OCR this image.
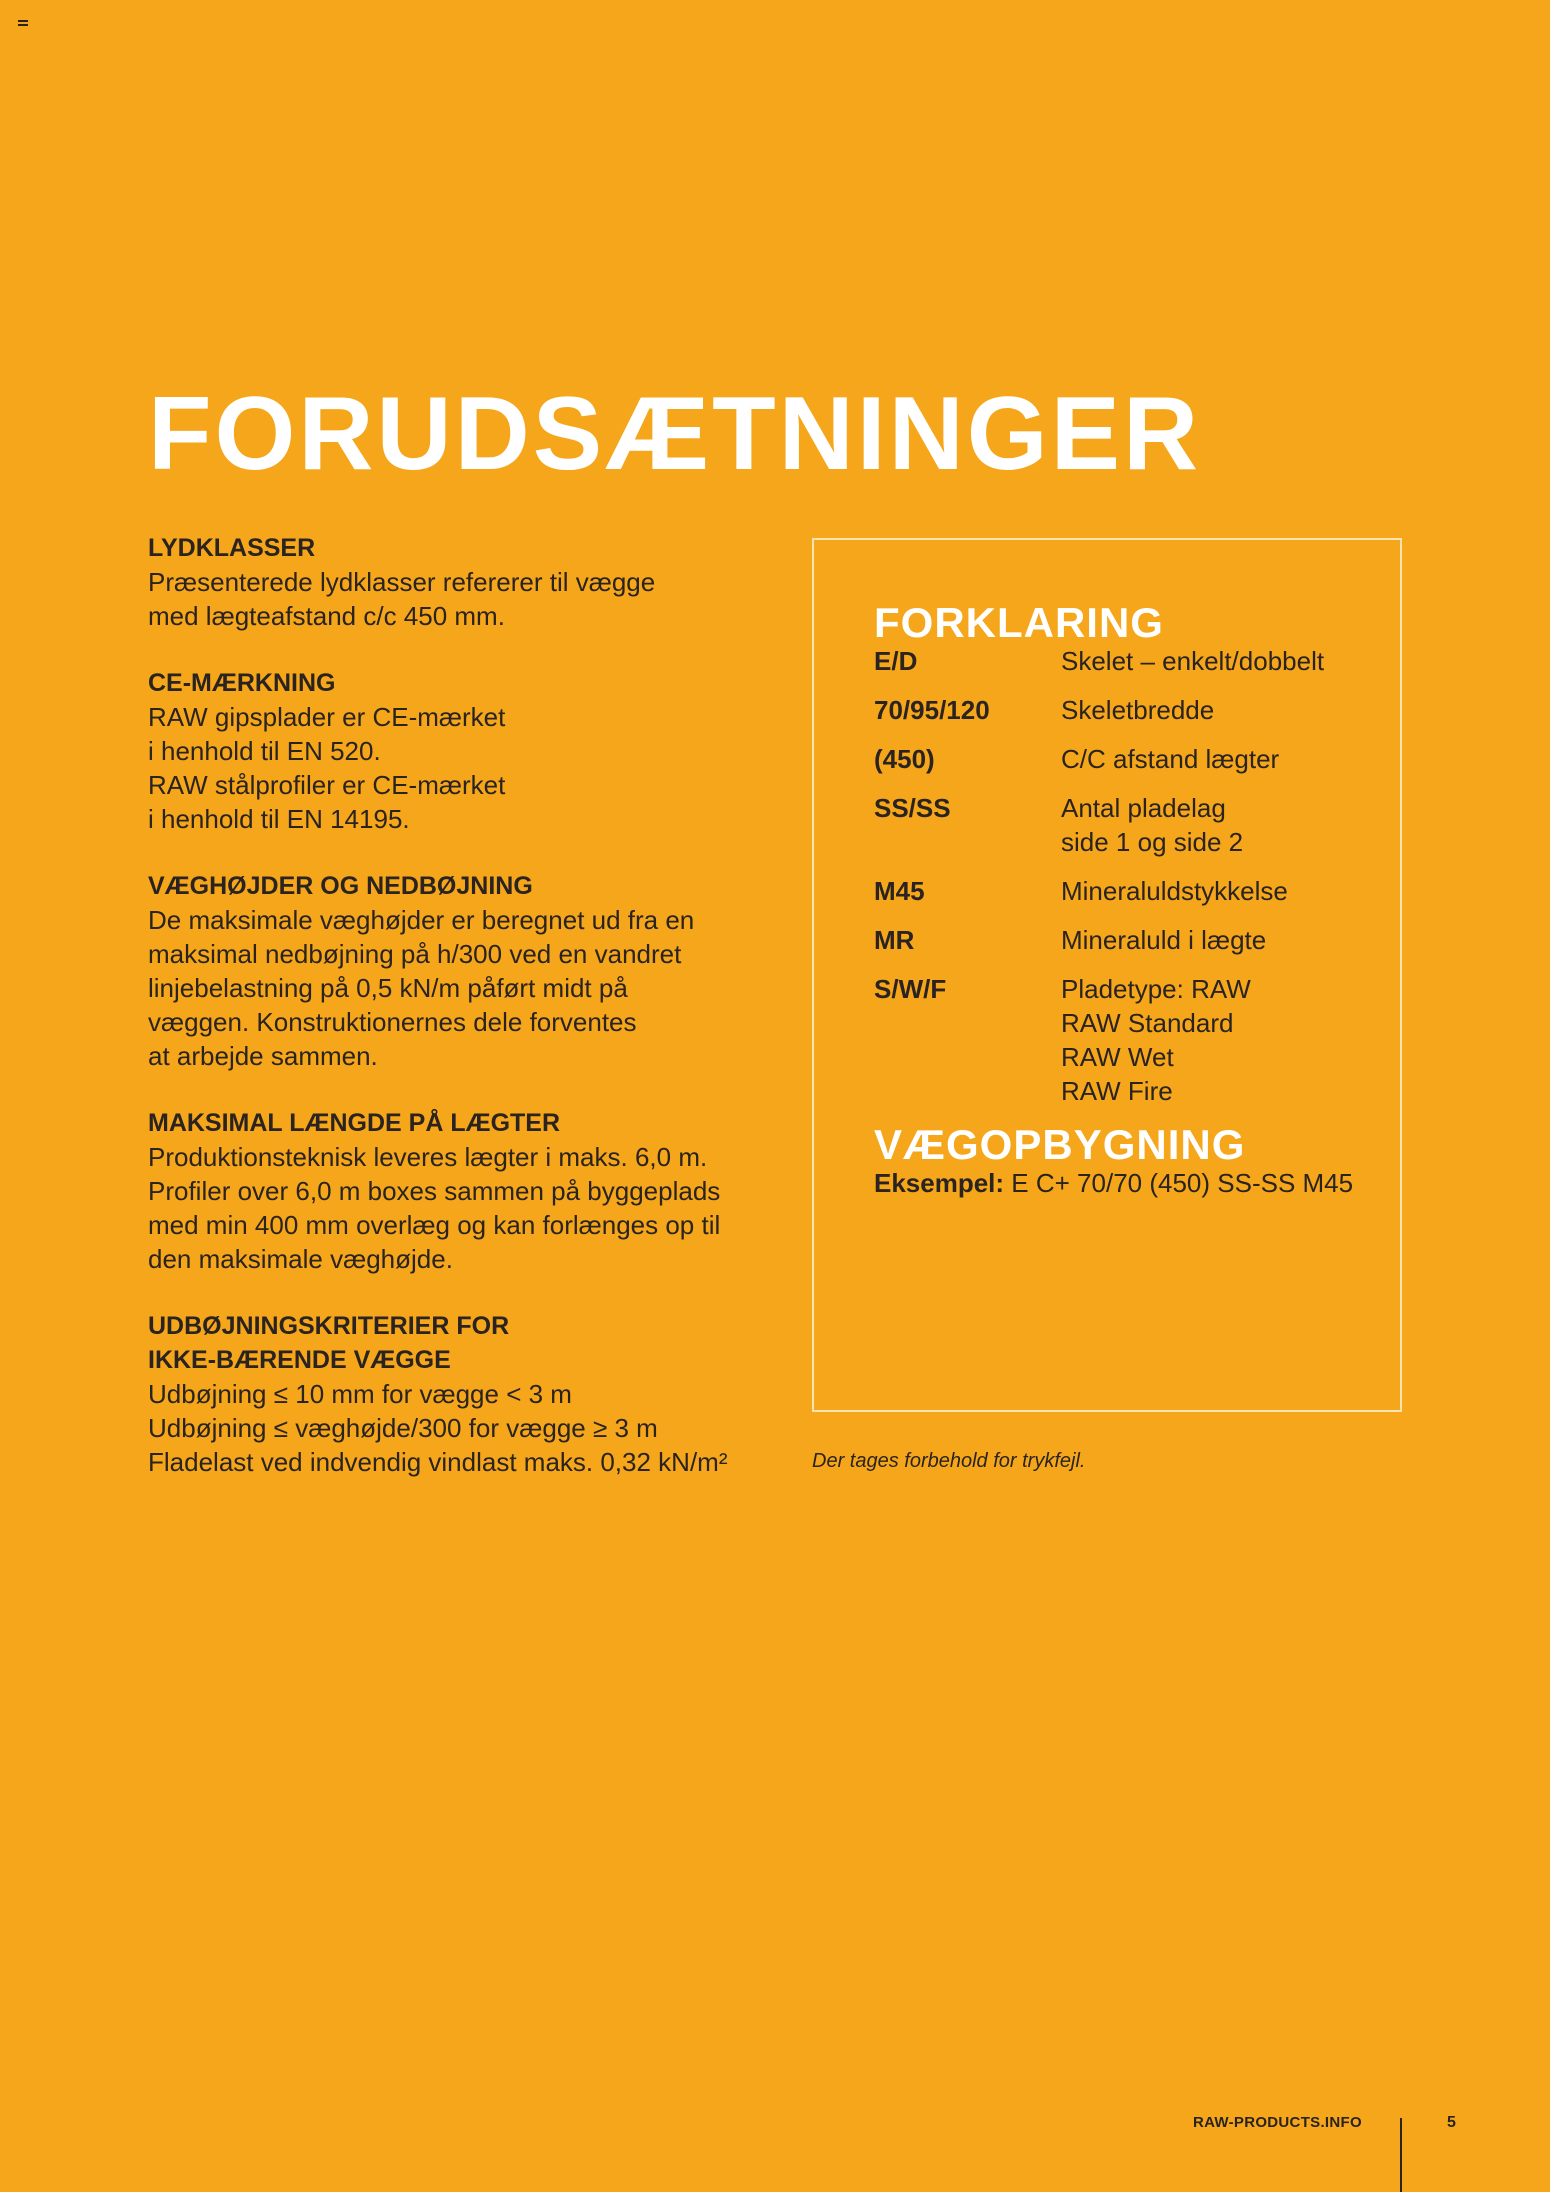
FORUDSÆTNINGER

LYDKLASSER

Præsenterede lydklasser refererer til vægge

med lægteafstand c/c 450 mm.

CE-MÆRKNING

RAW gipsplader er CE-mærket

i henhold til EN 520.

RAW stålprofiler er CE-mærket

i henhold til EN 14195.

VÆGHØJDER OG NEDBØJNING

De maksimale væghøjder er beregnet ud fra en

maksimal nedbøjning på h/300 ved en vandret

linjebelastning på 0,5 kN/m påført midt på

væggen. Konstruktionernes dele forventes

at arbejde sammen.

MAKSIMAL LÆNGDE PÅ LÆGTER

Produktionsteknisk leveres lægter i maks. 6,0 m.

Profiler over 6,0 m boxes sammen på byggeplads

med min 400 mm overlæg og kan forlænges op til

den maksimale væghøjde.

UDBØJNINGSKRITERIER FOR

IKKE-BÆRENDE VÆGGE

Udbøjning ≤ 10 mm for vægge < 3 m

Udbøjning ≤ væghøjde/300 for vægge ≥ 3 m

Fladelast ved indvendig vindlast maks. 0,32 kN/m²

FORKLARING

E/D	Skelet – enkelt/dobbelt
70/95/120	Skeletbredde
(450)	C/C afstand lægter
SS/SS	Antal pladelag
side 1 og side 2
M45	Mineraluldstykkelse
MR	Mineraluld i lægte
S/W/F	Pladetype: RAW
RAW Standard
RAW Wet
RAW Fire

VÆGOPBYGNING

Eksempel: E C+ 70/70 (450) SS-SS M45

Der tages forbehold for trykfejl.

RAW-PRODUCTS.INFO	5
